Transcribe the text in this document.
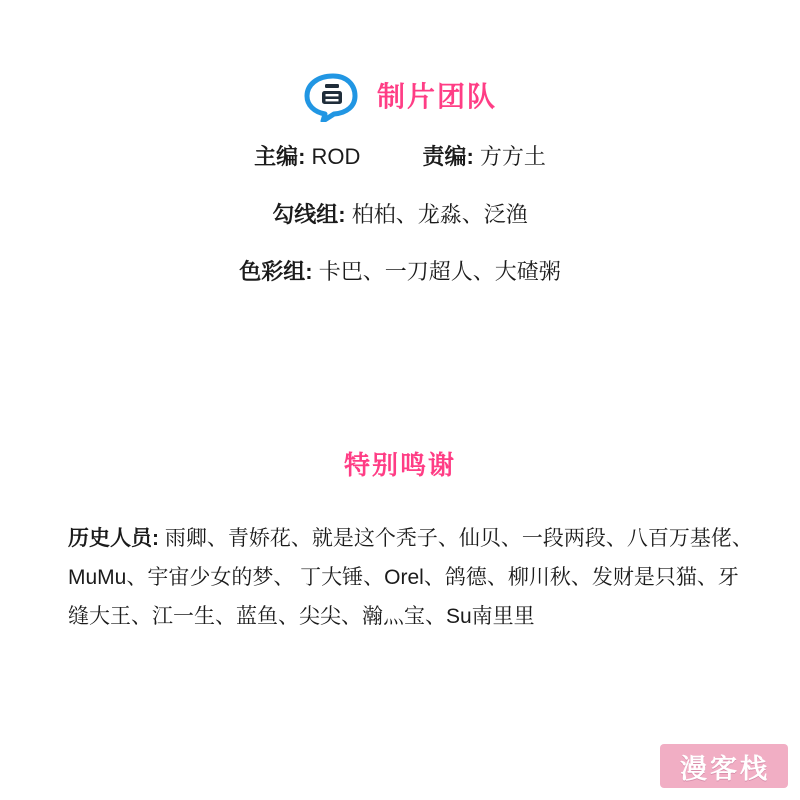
制片团队
主编: ROD	责编: 方方土
勾线组: 柏柏、龙淼、泛渔
色彩组: 卡巴、一刀超人、大碴粥
特别鸣谢
历史人员: 雨卿、青娇花、就是这个秃子、仙贝、一段两段、八百万基佬、MuMu、宇宙少女的梦、 丁大锤、Orel、鸽德、柳川秋、发财是只猫、牙缝大王、江一生、蓝鱼、尖尖、瀚灬宝、Su南里里
漫 客 栈
